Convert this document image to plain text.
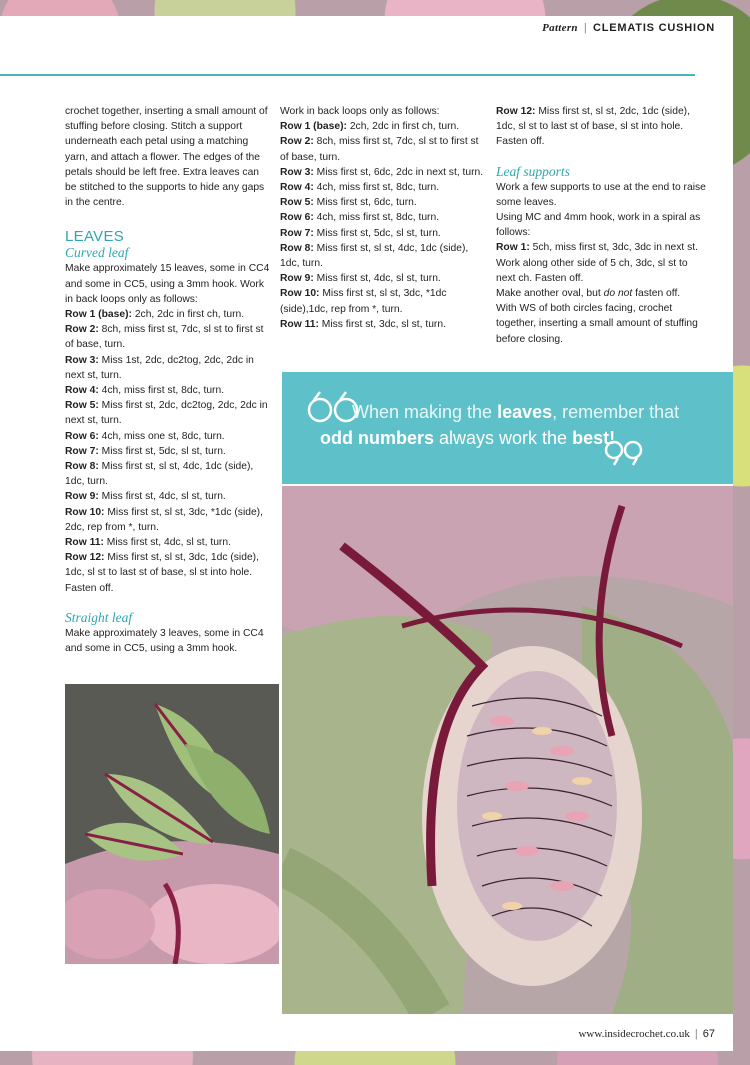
Pattern | CLEMATIS CUSHION

crochet together, inserting a small amount of stuffing before closing. Stitch a support underneath each petal using a matching yarn, and attach a flower. The edges of the petals should be left free. Extra leaves can be stitched to the supports to hide any gaps in the centre.

LEAVES
Curved leaf

Make approximately 15 leaves, some in CC4 and some in CC5, using a 3mm hook. Work in back loops only as follows:

Row 1 (base): 2ch, 2dc in first ch, turn.

Row 2: 8ch, miss first st, 7dc, sl st to first st of base, turn.

Row 3: Miss 1st, 2dc, dc2tog, 2dc, 2dc in next st, turn.

Row 4: 4ch, miss first st, 8dc, turn.

Row 5: Miss first st, 2dc, dc2tog, 2dc, 2dc in next st, turn.

Row 6: 4ch, miss one st, 8dc, turn.

Row 7: Miss first st, 5dc, sl st, turn.

Row 8: Miss first st, sl st, 4dc, 1dc (side), 1dc, turn.

Row 9: Miss first st, 4dc, sl st, turn.

Row 10: Miss first st, sl st, 3dc, *1dc (side), 2dc, rep from *, turn.

Row 11: Miss first st, 4dc, sl st, turn.

Row 12: Miss first st, sl st, 3dc, 1dc (side), 1dc, sl st to last st of base, sl st into hole. Fasten off.

Straight leaf

Make approximately 3 leaves, some in CC4 and some in CC5, using a 3mm hook.

Work in back loops only as follows:

Row 1 (base): 2ch, 2dc in first ch, turn.

Row 2: 8ch, miss first st, 7dc, sl st to first st of base, turn.

Row 3: Miss first st, 6dc, 2dc in next st, turn.

Row 4: 4ch, miss first st, 8dc, turn.

Row 5: Miss first st, 6dc, turn.

Row 6: 4ch, miss first st, 8dc, turn.

Row 7: Miss first st, 5dc, sl st, turn.

Row 8: Miss first st, sl st, 4dc, 1dc (side), 1dc, turn.

Row 9: Miss first st, 4dc, sl st, turn.

Row 10: Miss first st, sl st, 3dc, *1dc (side),1dc, rep from *, turn.

Row 11: Miss first st, 3dc, sl st, turn.

Row 12: Miss first st, sl st, 2dc, 1dc (side), 1dc, sl st to last st of base, sl st into hole. Fasten off.

Leaf supports

Work a few supports to use at the end to raise some leaves.

Using MC and 4mm hook, work in a spiral as follows:

Row 1: 5ch, miss first st, 3dc, 3dc in next st. Work along other side of 5 ch, 3dc, sl st to next ch. Fasten off.

Make another oval, but do not fasten off.

With WS of both circles facing, crochet together, inserting a small amount of stuffing before closing.

When making the leaves, remember that
odd numbers always work the best!
www.insidecrochet.co.uk | 67
